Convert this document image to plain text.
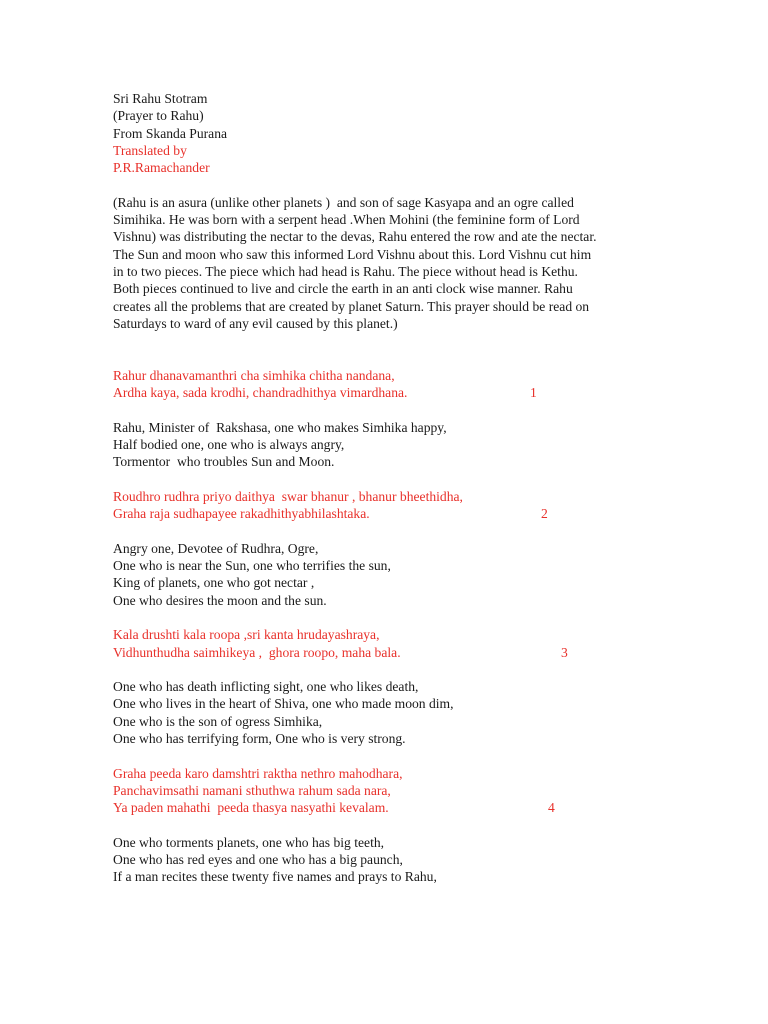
Sri Rahu Stotram
(Prayer to Rahu)
From Skanda Purana
Translated by
P.R.Ramachander
(Rahu is an asura (unlike other planets )  and son of sage Kasyapa and an ogre called
Simihika. He was born with a serpent head .When Mohini (the feminine form of Lord
Vishnu) was distributing the nectar to the devas, Rahu entered the row and ate the nectar.
The Sun and moon who saw this informed Lord Vishnu about this. Lord Vishnu cut him
in to two pieces. The piece which had head is Rahu. The piece without head is Kethu.
Both pieces continued to live and circle the earth in an anti clock wise manner. Rahu
creates all the problems that are created by planet Saturn. This prayer should be read on
Saturdays to ward of any evil caused by this planet.)
Rahur dhanavamanthri cha simhika chitha nandana,
Ardha kaya, sada krodhi, chandradhithya vimardhana.	1
Rahu, Minister of  Rakshasa, one who makes Simhika happy,
Half bodied one, one who is always angry,
Tormentor  who troubles Sun and Moon.
Roudhro rudhra priyo daithya  swar bhanur , bhanur bheethidha,
Graha raja sudhapayee rakadhithyabhilashtaka.	2
Angry one, Devotee of Rudhra, Ogre,
One who is near the Sun, one who terrifies the sun,
King of planets, one who got nectar ,
One who desires the moon and the sun.
Kala drushti kala roopa ,sri kanta hrudayashraya,
Vidhunthudha saimhikeya ,  ghora roopo, maha bala.	3
One who has death inflicting sight, one who likes death,
One who lives in the heart of Shiva, one who made moon dim,
One who is the son of ogress Simhika,
One who has terrifying form, One who is very strong.
Graha peeda karo damshtri raktha nethro mahodhara,
Panchavimsathi namani sthuthwa rahum sada nara,
Ya paden mahathi  peeda thasya nasyathi kevalam.	4
One who torments planets, one who has big teeth,
One who has red eyes and one who has a big paunch,
If a man recites these twenty five names and prays to Rahu,
